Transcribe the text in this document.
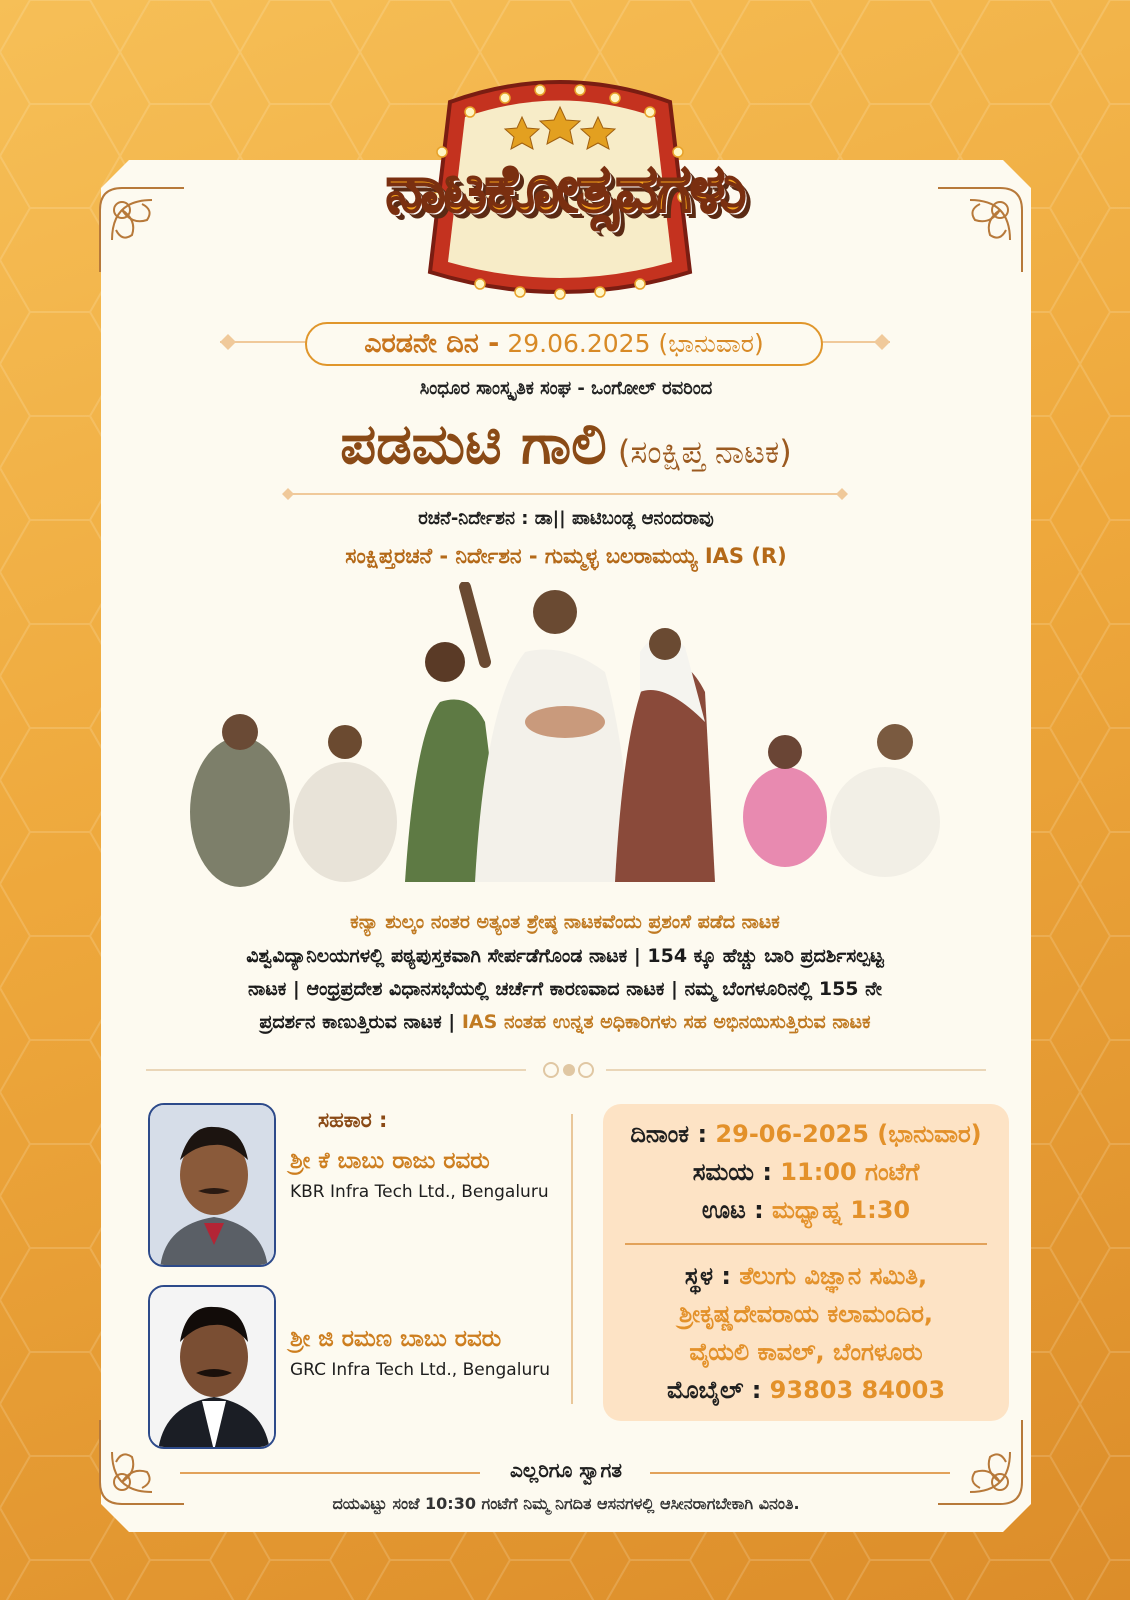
ನಾಟಕೋತ್ಸವಗಳು
ಎರಡನೇ ದಿನ - 29.06.2025 (ಭಾನುವಾರ)
ಸಿಂಧೂರ ಸಾಂಸ್ಕೃತಿಕ ಸಂಘ - ಒಂಗೋಲ್ ರವರಿಂದ
ಪಡಮಟಿ ಗಾಲಿ (ಸಂಕ್ಷಿಪ್ತ ನಾಟಕ)
ರಚನೆ-ನಿರ್ದೇಶನ : ಡಾ|| ಪಾಟಿಬಂಡ್ಲ ಆನಂದರಾವು
ಸಂಕ್ಷಿಪ್ತರಚನೆ - ನಿರ್ದೇಶನ - ಗುಮ್ಮಳ್ಳ ಬಲರಾಮಯ್ಯ IAS (R)
ಕನ್ಯಾ ಶುಲ್ಕಂ ನಂತರ ಅತ್ಯಂತ ಶ್ರೇಷ್ಠ ನಾಟಕವೆಂದು ಪ್ರಶಂಸೆ ಪಡೆದ ನಾಟಕ
ವಿಶ್ವವಿದ್ಯಾನಿಲಯಗಳಲ್ಲಿ ಪಠ್ಯಪುಸ್ತಕವಾಗಿ ಸೇರ್ಪಡೆಗೊಂಡ ನಾಟಕ | 154 ಕ್ಕೂ ಹೆಚ್ಚು ಬಾರಿ ಪ್ರದರ್ಶಿಸಲ್ಪಟ್ಟ
ನಾಟಕ | ಆಂಧ್ರಪ್ರದೇಶ ವಿಧಾನಸಭೆಯಲ್ಲಿ ಚರ್ಚೆಗೆ ಕಾರಣವಾದ ನಾಟಕ | ನಮ್ಮ ಬೆಂಗಳೂರಿನಲ್ಲಿ 155 ನೇ
ಪ್ರದರ್ಶನ ಕಾಣುತ್ತಿರುವ ನಾಟಕ | IAS ನಂತಹ ಉನ್ನತ ಅಧಿಕಾರಿಗಳು ಸಹ ಅಭಿನಯಿಸುತ್ತಿರುವ ನಾಟಕ
ಸಹಕಾರ :
ಶ್ರೀ ಕೆ ಬಾಬು ರಾಜು ರವರು
KBR Infra Tech Ltd., Bengaluru
ಶ್ರೀ ಜಿ ರಮಣ ಬಾಬು ರವರು
GRC Infra Tech Ltd., Bengaluru
ದಿನಾಂಕ : 29-06-2025 (ಭಾನುವಾರ)
ಸಮಯ : 11:00 ಗಂಟೆಗೆ
ಊಟ : ಮಧ್ಯಾಹ್ನ 1:30
ಸ್ಥಳ : ತೆಲುಗು ವಿಜ್ಞಾನ ಸಮಿತಿ,
ಶ್ರೀಕೃಷ್ಣದೇವರಾಯ ಕಲಾಮಂದಿರ,
ವೈಯಲಿ ಕಾವಲ್, ಬೆಂಗಳೂರು
ಮೊಬೈಲ್ : 93803 84003
ಎಲ್ಲರಿಗೂ ಸ್ವಾಗತ
ದಯವಿಟ್ಟು ಸಂಜೆ 10:30 ಗಂಟೆಗೆ ನಿಮ್ಮ ನಿಗದಿತ ಆಸನಗಳಲ್ಲಿ ಆಸೀನರಾಗಬೇಕಾಗಿ ವಿನಂತಿ.
